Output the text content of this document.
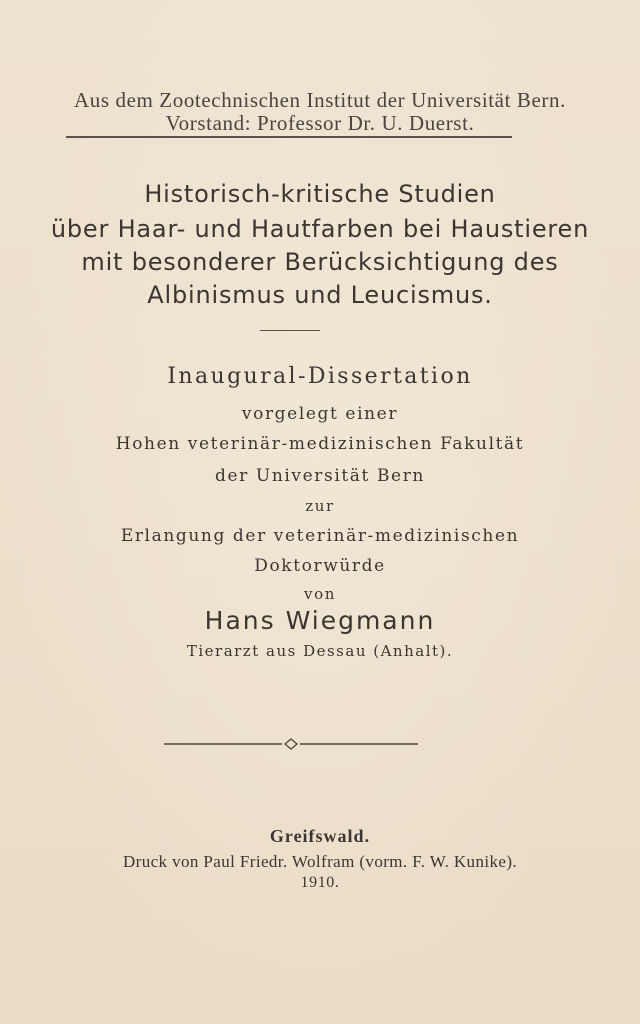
Aus dem Zootechnischen Institut der Universität Bern.
Vorstand: Professor Dr. U. Duerst.
Historisch-kritische Studien
über Haar- und Hautfarben bei Haustieren
mit besonderer Berücksichtigung des
Albinismus und Leucismus.
Inaugural-Dissertation
vorgelegt einer
Hohen veterinär-medizinischen Fakultät
der Universität Bern
zur
Erlangung der veterinär-medizinischen
Doktorwürde
von
Hans Wiegmann
Tierarzt aus Dessau (Anhalt).
Greifswald.
Druck von Paul Friedr. Wolfram (vorm. F. W. Kunike).
1910.
